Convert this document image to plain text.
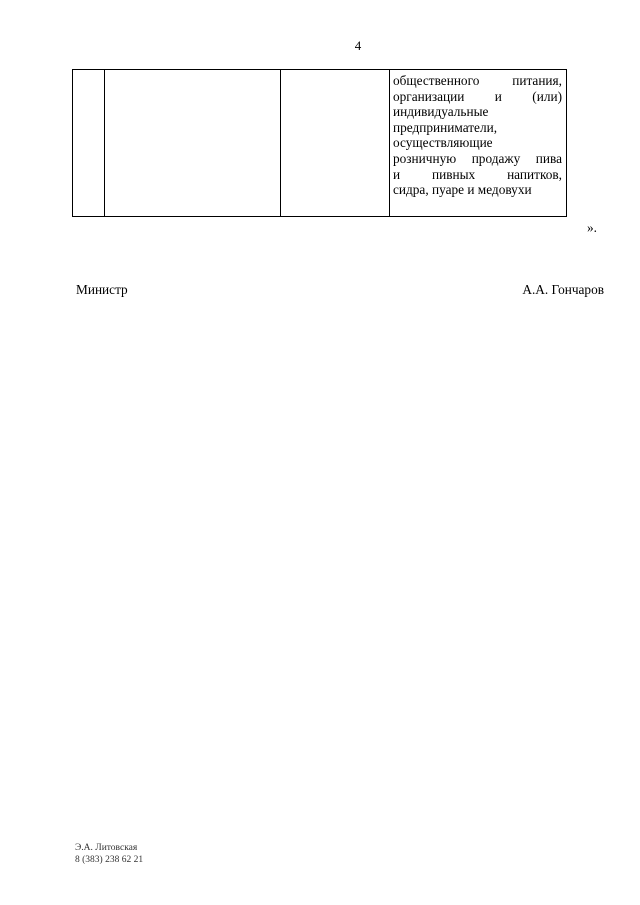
4

общественного питания,
организации и (или)
индивидуальные
предприниматели,
осуществляющие
розничную продажу пива
и пивных напитков,
сидра, пуаре и медовухи
».
Министр	А.А. Гончаров
Э.А. Литовская
8 (383) 238 62 21
